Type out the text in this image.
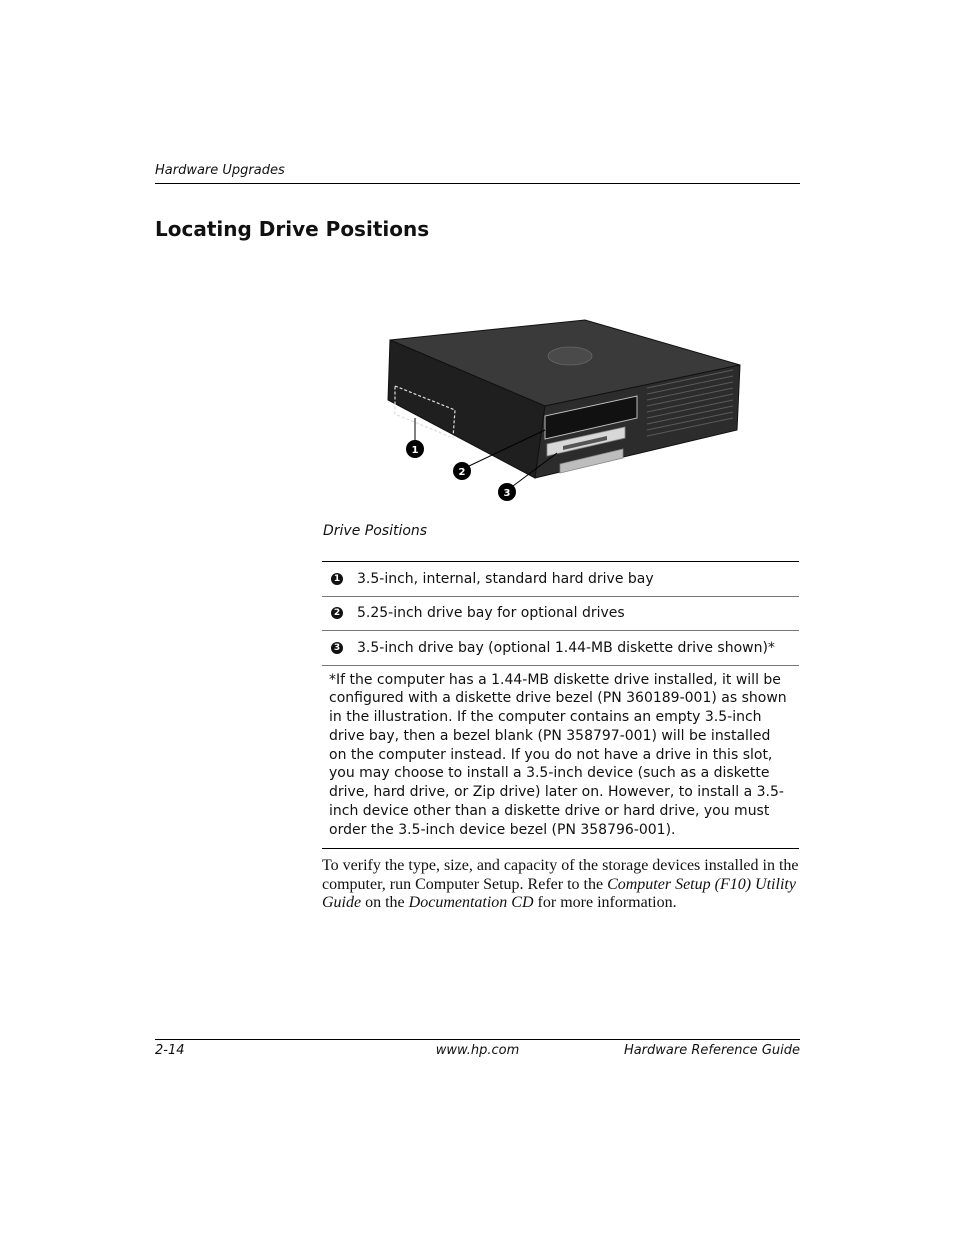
Hardware Upgrades
Locating Drive Positions
1
2
3
Drive Positions
1 3.5-inch, internal, standard hard drive bay
2 5.25-inch drive bay for optional drives
3 3.5-inch drive bay (optional 1.44-MB diskette drive shown)*
*If the computer has a 1.44-MB diskette drive installed, it will be configured with a diskette drive bezel (PN 360189-001) as shown in the illustration. If the computer contains an empty 3.5-inch drive bay, then a bezel blank (PN 358797-001) will be installed on the computer instead. If you do not have a drive in this slot, you may choose to install a 3.5-inch device (such as a diskette drive, hard drive, or Zip drive) later on. However, to install a 3.5-inch device other than a diskette drive or hard drive, you must order the 3.5-inch device bezel (PN 358796-001).

To verify the type, size, and capacity of the storage devices installed in the computer, run Computer Setup. Refer to the Computer Setup (F10) Utility Guide on the Documentation CD for more information.

2-14	www.hp.com	Hardware Reference Guide
